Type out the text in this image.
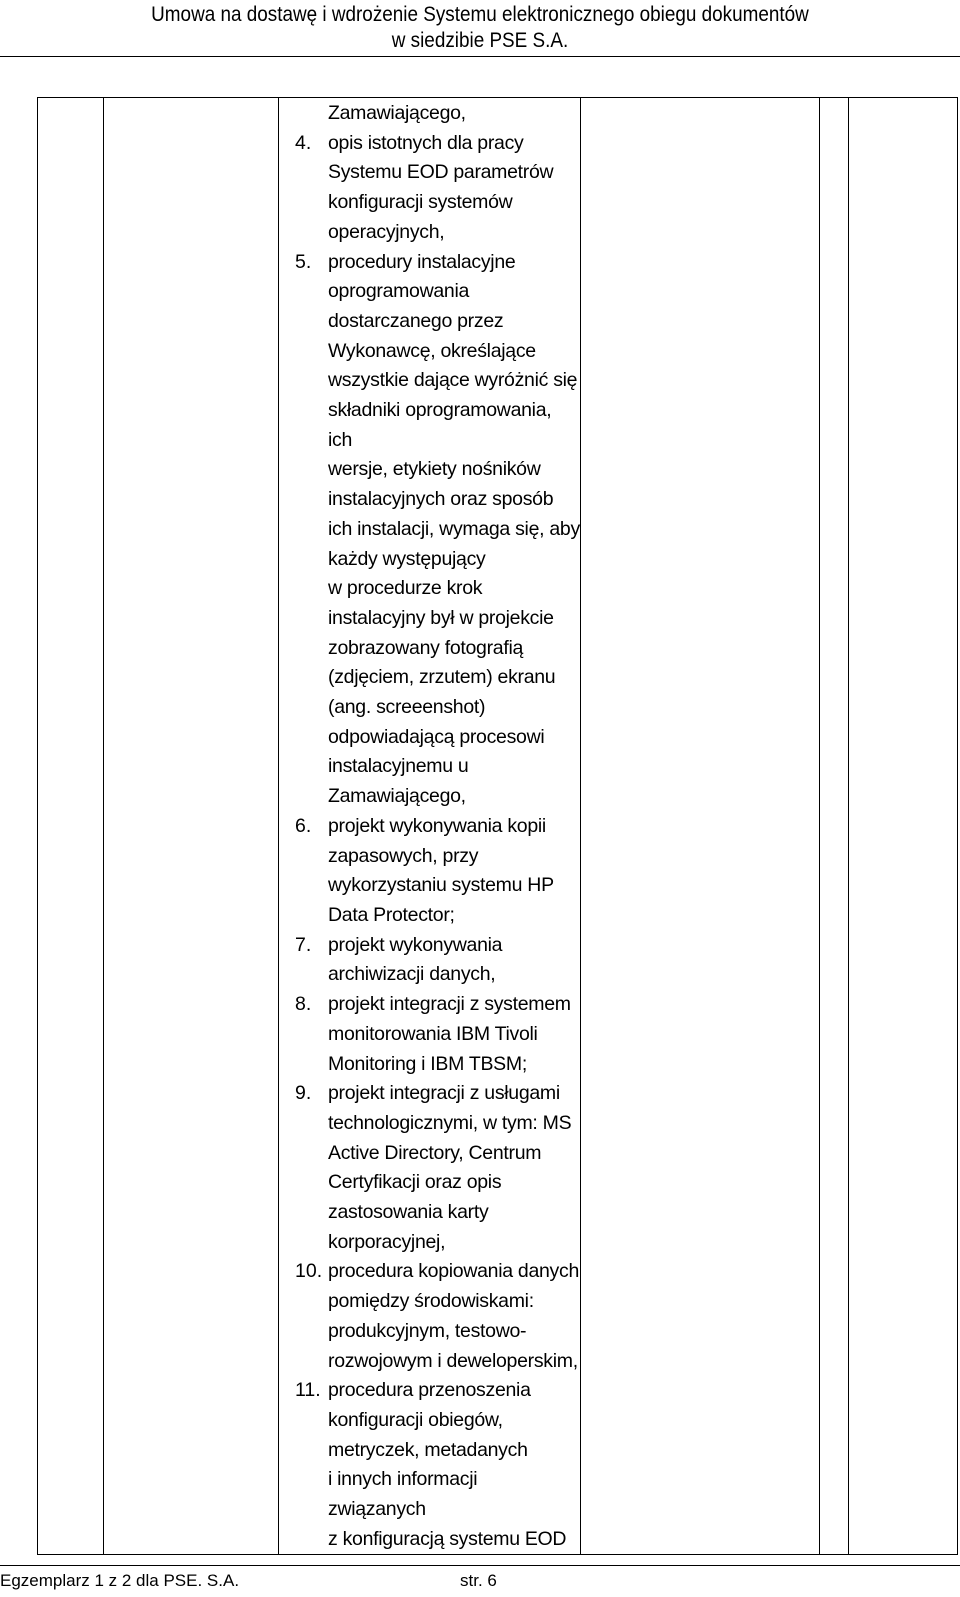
Umowa na dostawę i wdrożenie Systemu elektronicznego obiegu dokumentów
w siedzibie PSE S.A.

Zamawiającego,
4. opis istotnych dla pracy
Systemu EOD parametrów
konfiguracji systemów
operacyjnych,
5. procedury instalacyjne
oprogramowania
dostarczanego przez
Wykonawcę, określające
wszystkie dające wyróżnić się
składniki oprogramowania, ich
wersje, etykiety nośników
instalacyjnych oraz sposób
ich instalacji, wymaga się, aby
każdy występujący
w procedurze krok
instalacyjny był w projekcie
zobrazowany fotografią
(zdjęciem, zrzutem) ekranu
(ang. screeenshot)
odpowiadającą procesowi
instalacyjnemu u
Zamawiającego,
6. projekt wykonywania kopii
zapasowych, przy
wykorzystaniu systemu HP
Data Protector;
7. projekt wykonywania
archiwizacji danych,
8. projekt integracji z systemem
monitorowania IBM Tivoli
Monitoring i IBM TBSM;
9. projekt integracji z usługami
technologicznymi, w tym: MS
Active Directory, Centrum
Certyfikacji oraz opis
zastosowania karty
korporacyjnej,
10. procedura kopiowania danych
pomiędzy środowiskami:
produkcyjnym, testowo-
rozwojowym i deweloperskim,
11. procedura przenoszenia
konfiguracji obiegów,
metryczek, metadanych
i innych informacji związanych
z konfiguracją systemu EOD

Egzemplarz 1 z 2 dla PSE. S.A.	str. 6
